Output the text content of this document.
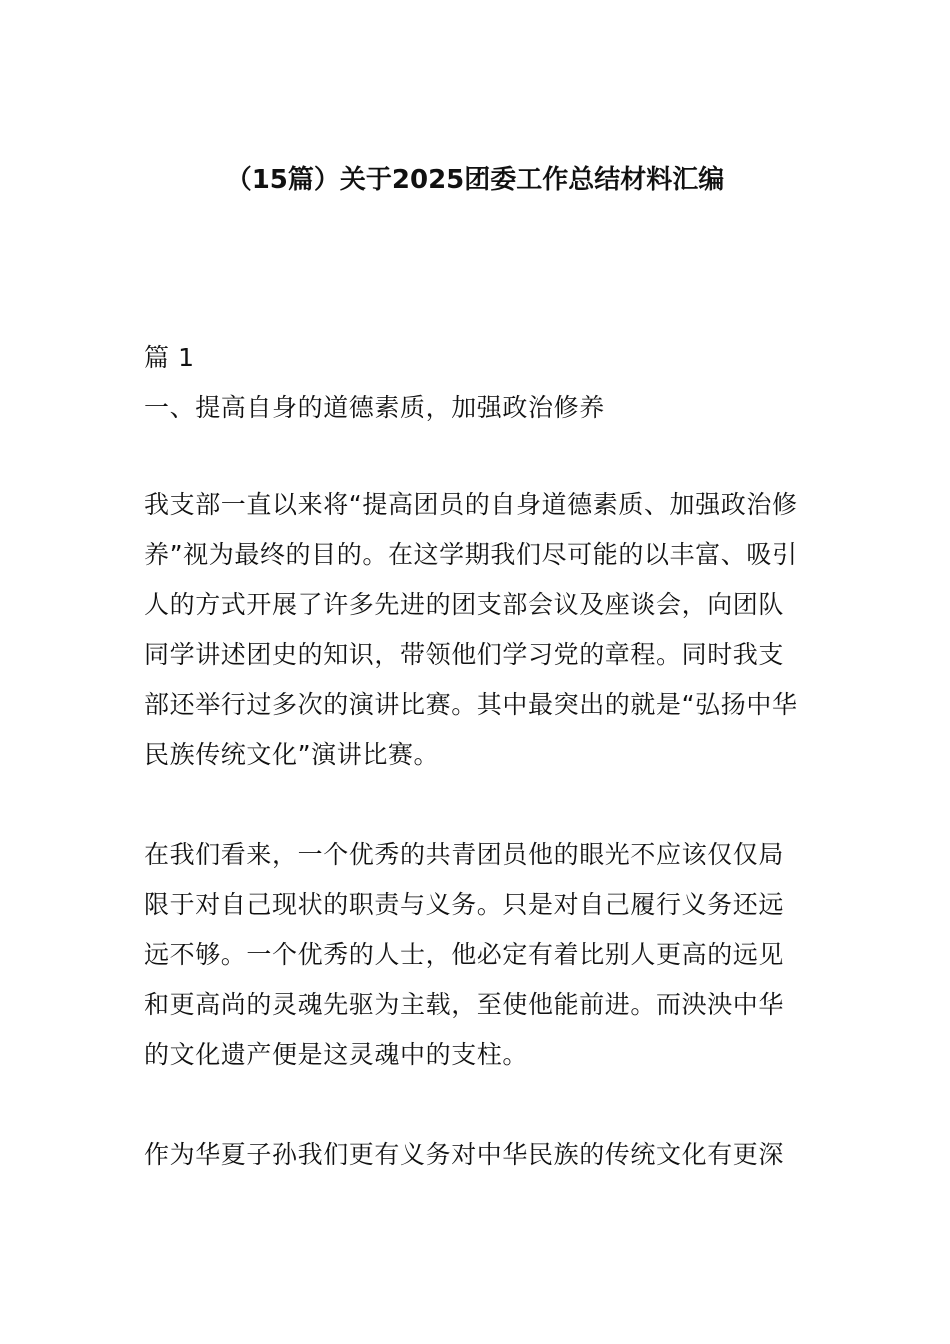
（15篇）关于2025团委工作总结材料汇编
篇 1
一、提高自身的道德素质，加强政治修养
我支部一直以来将“提高团员的自身道德素质、加强政治修
养”视为最终的目的。在这学期我们尽可能的以丰富、吸引
人的方式开展了许多先进的团支部会议及座谈会，向团队
同学讲述团史的知识，带领他们学习党的章程。同时我支
部还举行过多次的演讲比赛。其中最突出的就是“弘扬中华
民族传统文化”演讲比赛。
在我们看来，一个优秀的共青团员他的眼光不应该仅仅局
限于对自己现状的职责与义务。只是对自己履行义务还远
远不够。一个优秀的人士，他必定有着比别人更高的远见
和更高尚的灵魂先驱为主载，至使他能前进。而泱泱中华
的文化遗产便是这灵魂中的支柱。
作为华夏子孙我们更有义务对中华民族的传统文化有更深
